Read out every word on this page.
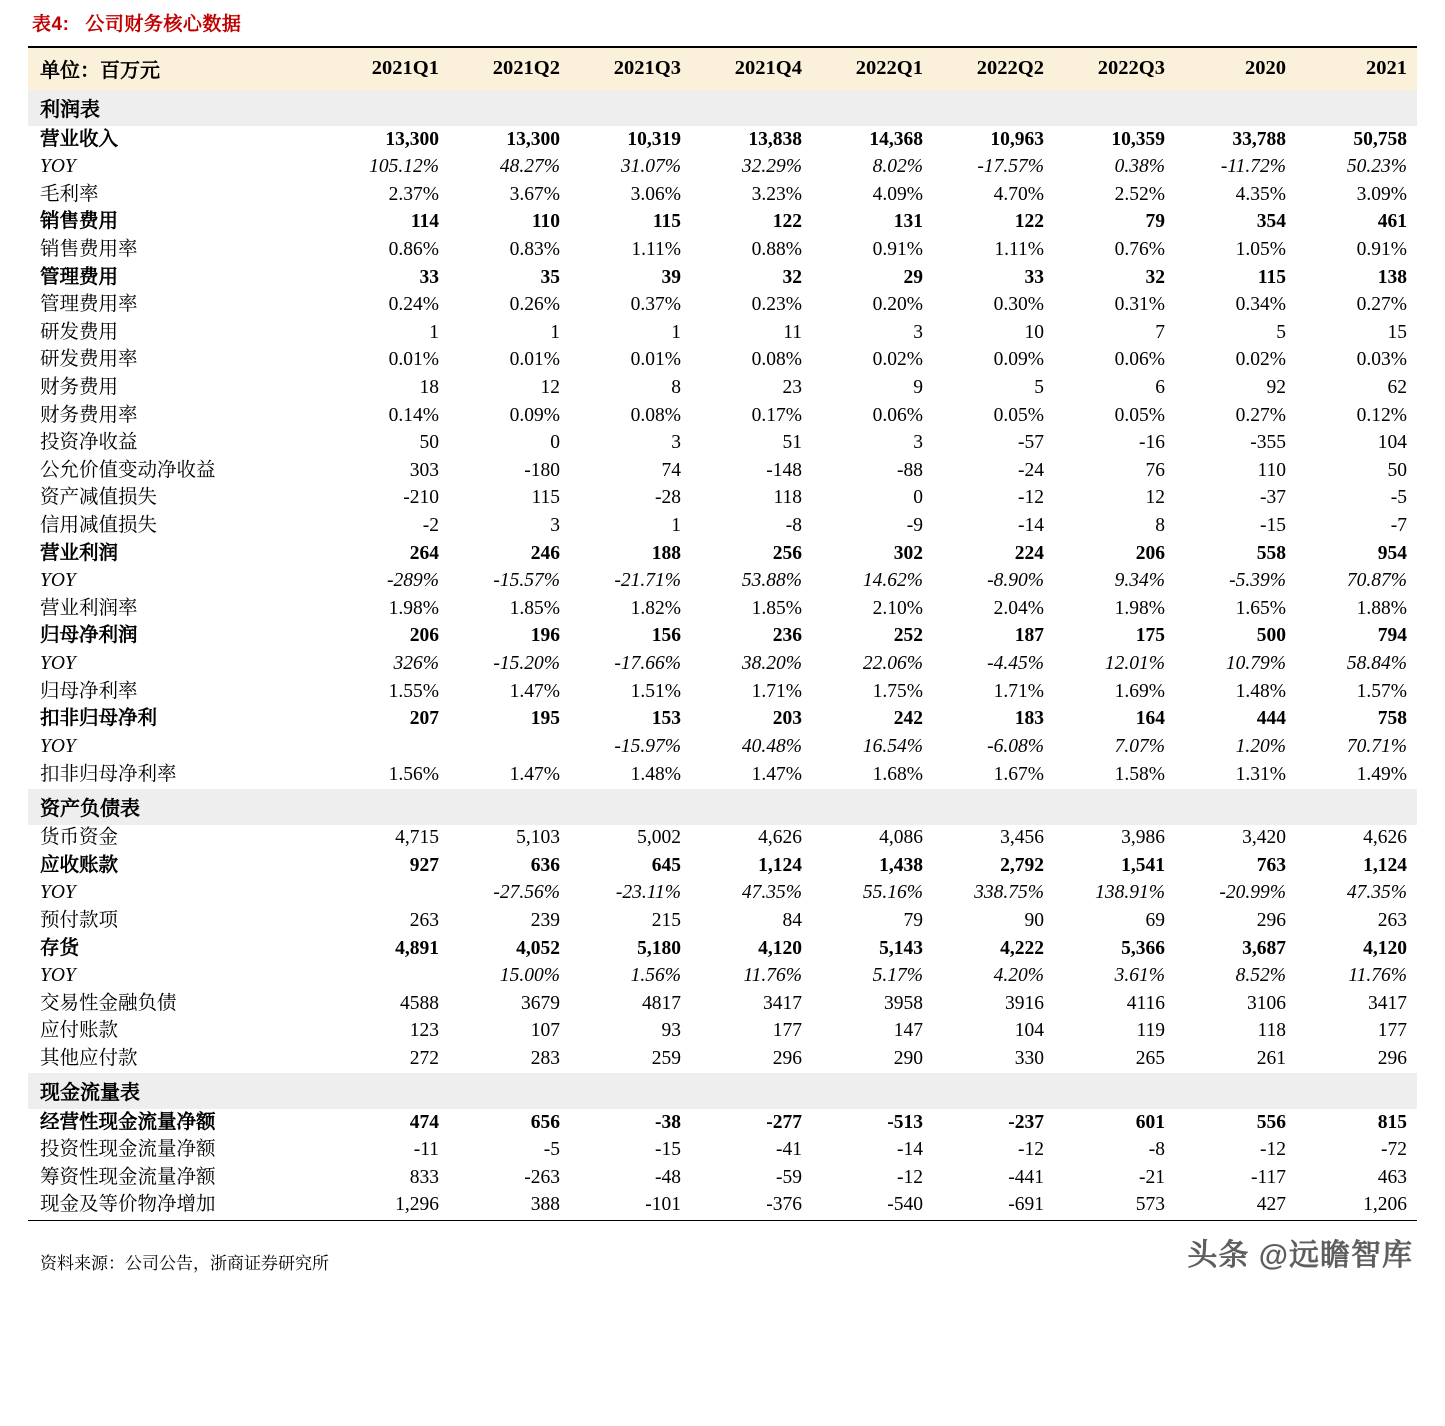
表4: 公司财务核心数据

单位：百万元	2021Q1	2021Q2	2021Q3	2021Q4	2022Q1	2022Q2	2022Q3	2020	2021
利润表									
营业收入	13,300	13,300	10,319	13,838	14,368	10,963	10,359	33,788	50,758
YOY	105.12%	48.27%	31.07%	32.29%	8.02%	-17.57%	0.38%	-11.72%	50.23%
毛利率	2.37%	3.67%	3.06%	3.23%	4.09%	4.70%	2.52%	4.35%	3.09%
销售费用	114	110	115	122	131	122	79	354	461
销售费用率	0.86%	0.83%	1.11%	0.88%	0.91%	1.11%	0.76%	1.05%	0.91%
管理费用	33	35	39	32	29	33	32	115	138
管理费用率	0.24%	0.26%	0.37%	0.23%	0.20%	0.30%	0.31%	0.34%	0.27%
研发费用	1	1	1	11	3	10	7	5	15
研发费用率	0.01%	0.01%	0.01%	0.08%	0.02%	0.09%	0.06%	0.02%	0.03%
财务费用	18	12	8	23	9	5	6	92	62
财务费用率	0.14%	0.09%	0.08%	0.17%	0.06%	0.05%	0.05%	0.27%	0.12%
投资净收益	50	0	3	51	3	-57	-16	-355	104
公允价值变动净收益	303	-180	74	-148	-88	-24	76	110	50
资产减值损失	-210	115	-28	118	0	-12	12	-37	-5
信用减值损失	-2	3	1	-8	-9	-14	8	-15	-7
营业利润	264	246	188	256	302	224	206	558	954
YOY	-289%	-15.57%	-21.71%	53.88%	14.62%	-8.90%	9.34%	-5.39%	70.87%
营业利润率	1.98%	1.85%	1.82%	1.85%	2.10%	2.04%	1.98%	1.65%	1.88%
归母净利润	206	196	156	236	252	187	175	500	794
YOY	326%	-15.20%	-17.66%	38.20%	22.06%	-4.45%	12.01%	10.79%	58.84%
归母净利率	1.55%	1.47%	1.51%	1.71%	1.75%	1.71%	1.69%	1.48%	1.57%
扣非归母净利	207	195	153	203	242	183	164	444	758
YOY			-15.97%	40.48%	16.54%	-6.08%	7.07%	1.20%	70.71%
扣非归母净利率	1.56%	1.47%	1.48%	1.47%	1.68%	1.67%	1.58%	1.31%	1.49%
资产负债表									
货币资金	4,715	5,103	5,002	4,626	4,086	3,456	3,986	3,420	4,626
应收账款	927	636	645	1,124	1,438	2,792	1,541	763	1,124
YOY		-27.56%	-23.11%	47.35%	55.16%	338.75%	138.91%	-20.99%	47.35%
预付款项	263	239	215	84	79	90	69	296	263
存货	4,891	4,052	5,180	4,120	5,143	4,222	5,366	3,687	4,120
YOY		15.00%	1.56%	11.76%	5.17%	4.20%	3.61%	8.52%	11.76%
交易性金融负债	4588	3679	4817	3417	3958	3916	4116	3106	3417
应付账款	123	107	93	177	147	104	119	118	177
其他应付款	272	283	259	296	290	330	265	261	296
现金流量表									
经营性现金流量净额	474	656	-38	-277	-513	-237	601	556	815
投资性现金流量净额	-11	-5	-15	-41	-14	-12	-8	-12	-72
筹资性现金流量净额	833	-263	-48	-59	-12	-441	-21	-117	463
现金及等价物净增加	1,296	388	-101	-376	-540	-691	573	427	1,206

资料来源：公司公告，浙商证券研究所	头条 @远瞻智库
